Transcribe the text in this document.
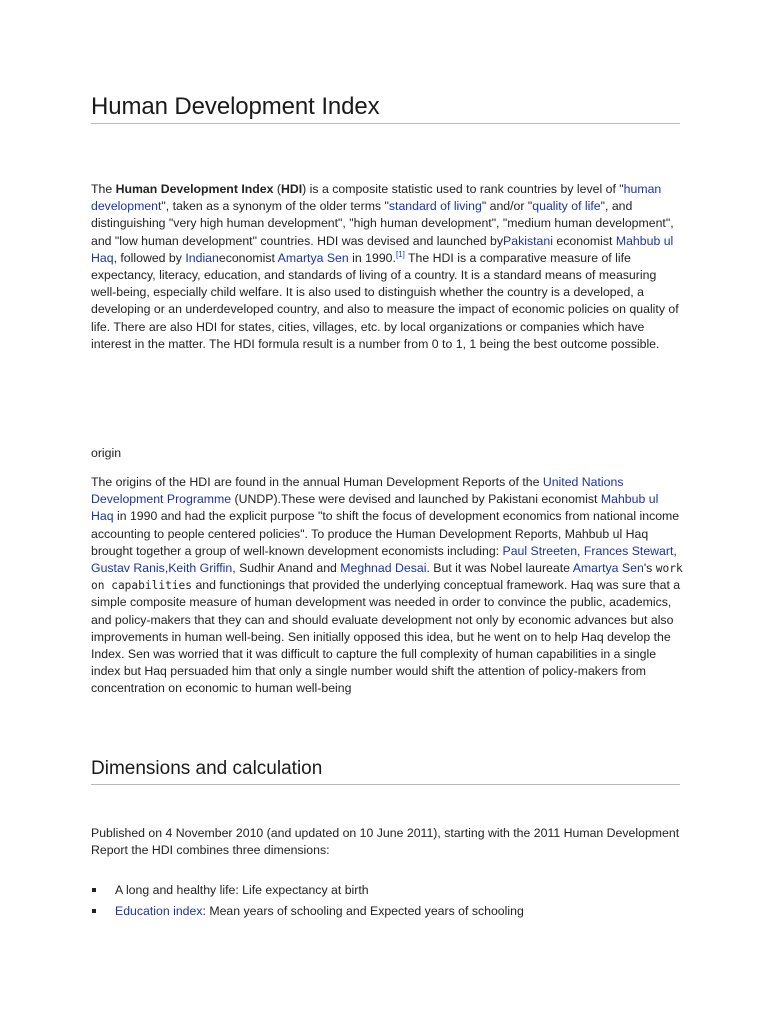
Human Development Index

The Human Development Index (HDI) is a composite statistic used to rank countries by level of "human development", taken as a synonym of the older terms "standard of living" and/or "quality of life", and distinguishing "very high human development", "high human development", "medium human development", and "low human development" countries. HDI was devised and launched byPakistani economist Mahbub ul Haq, followed by Indianeconomist Amartya Sen in 1990.[1] The HDI is a comparative measure of life expectancy, literacy, education, and standards of living of a country. It is a standard means of measuring well-being, especially child welfare. It is also used to distinguish whether the country is a developed, a developing or an underdeveloped country, and also to measure the impact of economic policies on quality of life. There are also HDI for states, cities, villages, etc. by local organizations or companies which have interest in the matter. The HDI formula result is a number from 0 to 1, 1 being the best outcome possible.

origin

The origins of the HDI are found in the annual Human Development Reports of the United Nations Development Programme (UNDP).These were devised and launched by Pakistani economist Mahbub ul Haq in 1990 and had the explicit purpose "to shift the focus of development economics from national income accounting to people centered policies". To produce the Human Development Reports, Mahbub ul Haq brought together a group of well-known development economists including: Paul Streeten, Frances Stewart, Gustav Ranis,Keith Griffin, Sudhir Anand and Meghnad Desai. But it was Nobel laureate Amartya Sen's work on capabilities and functionings that provided the underlying conceptual framework. Haq was sure that a simple composite measure of human development was needed in order to convince the public, academics, and policy-makers that they can and should evaluate development not only by economic advances but also improvements in human well-being. Sen initially opposed this idea, but he went on to help Haq develop the Index. Sen was worried that it was difficult to capture the full complexity of human capabilities in a single index but Haq persuaded him that only a single number would shift the attention of policy-makers from concentration on economic to human well-being

Dimensions and calculation

Published on 4 November 2010 (and updated on 10 June 2011), starting with the 2011 Human Development Report the HDI combines three dimensions:

A long and healthy life: Life expectancy at birth
Education index: Mean years of schooling and Expected years of schooling
